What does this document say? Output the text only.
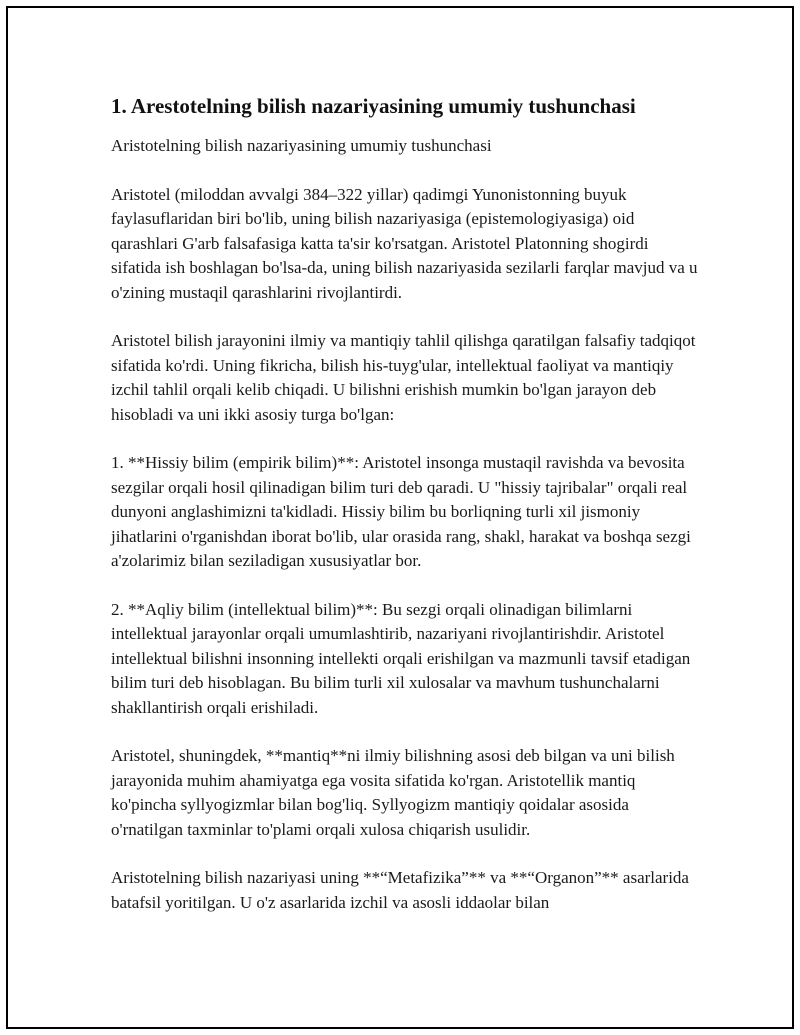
1. Arestotelning bilish nazariyasining umumiy tushunchasi

Aristotelning bilish nazariyasining umumiy tushunchasi

Aristotel (miloddan avvalgi 384–322 yillar) qadimgi Yunonistonning buyuk faylasuflaridan biri bo'lib, uning bilish nazariyasiga (epistemologiyasiga) oid qarashlari G'arb falsafasiga katta ta'sir ko'rsatgan. Aristotel Platonning shogirdi sifatida ish boshlagan bo'lsa-da, uning bilish nazariyasida sezilarli farqlar mavjud va u o'zining mustaqil qarashlarini rivojlantirdi.

Aristotel bilish jarayonini ilmiy va mantiqiy tahlil qilishga qaratilgan falsafiy tadqiqot sifatida ko'rdi. Uning fikricha, bilish his-tuyg'ular, intellektual faoliyat va mantiqiy izchil tahlil orqali kelib chiqadi. U bilishni erishish mumkin bo'lgan jarayon deb hisobladi va uni ikki asosiy turga bo'lgan:

1. **Hissiy bilim (empirik bilim)**: Aristotel insonga mustaqil ravishda va bevosita sezgilar orqali hosil qilinadigan bilim turi deb qaradi. U "hissiy tajribalar" orqali real dunyoni anglashimizni ta'kidladi. Hissiy bilim bu borliqning turli xil jismoniy jihatlarini o'rganishdan iborat bo'lib, ular orasida rang, shakl, harakat va boshqa sezgi a'zolarimiz bilan seziladigan xususiyatlar bor.

2. **Aqliy bilim (intellektual bilim)**: Bu sezgi orqali olinadigan bilimlarni intellektual jarayonlar orqali umumlashtirib, nazariyani rivojlantirishdir. Aristotel intellektual bilishni insonning intellekti orqali erishilgan va mazmunli tavsif etadigan bilim turi deb hisoblagan. Bu bilim turli xil xulosalar va mavhum tushunchalarni shakllantirish orqali erishiladi.

Aristotel, shuningdek, **mantiq**ni ilmiy bilishning asosi deb bilgan va uni bilish jarayonida muhim ahamiyatga ega vosita sifatida ko'rgan. Aristotellik mantiq ko'pincha syllyogizmlar bilan bog'liq. Syllyogizm mantiqiy qoidalar asosida o'rnatilgan taxminlar to'plami orqali xulosa chiqarish usulidir.

Aristotelning bilish nazariyasi uning **“Metafizika”** va **“Organon”** asarlarida batafsil yoritilgan. U o'z asarlarida izchil va asosli iddaolar bilan
